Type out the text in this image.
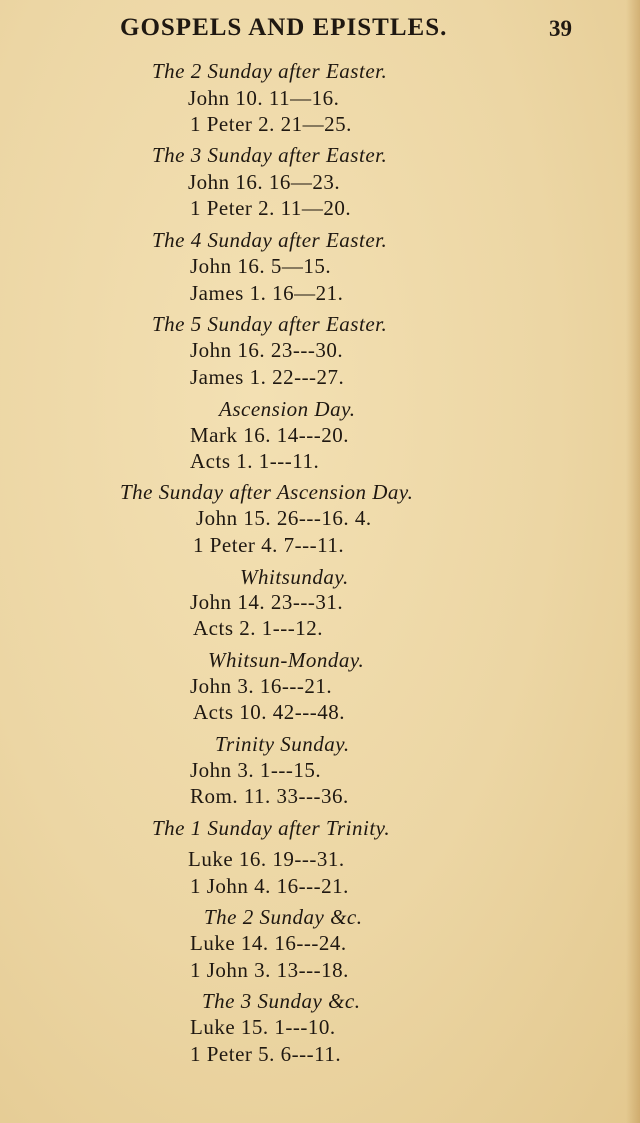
GOSPELS AND EPISTLES.	39
The 2 Sunday after Easter.
John 10. 11—16.
1 Peter 2. 21—25.
The 3 Sunday after Easter.
John 16. 16—23.
1 Peter 2. 11—20.
The 4 Sunday after Easter.
John 16. 5—15.
James 1. 16—21.
The 5 Sunday after Easter.
John 16. 23---30.
James 1. 22---27.
Ascension Day.
Mark 16. 14---20.
Acts 1. 1---11.
The Sunday after Ascension Day.
John 15. 26---16. 4.
1 Peter 4. 7---11.
Whitsunday.
John 14. 23---31.
Acts 2. 1---12.
Whitsun-Monday.
John 3. 16---21.
Acts 10. 42---48.
Trinity Sunday.
John 3. 1---15.
Rom. 11. 33---36.
The 1 Sunday after Trinity.
Luke 16. 19---31.
1 John 4. 16---21.
The 2 Sunday &c.
Luke 14. 16---24.
1 John 3. 13---18.
The 3 Sunday &c.
Luke 15. 1---10.
1 Peter 5. 6---11.
